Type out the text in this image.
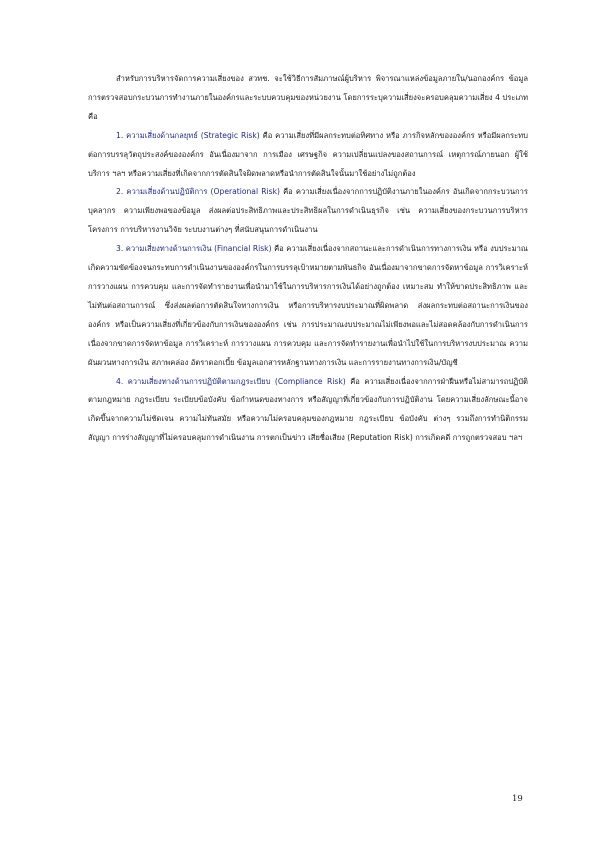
สำหรับการบริหารจัดการความเสี่ยงของ สวทช. จะใช้วิธีการสัมภาษณ์ผู้บริหาร พิจารณาแหล่งข้อมูลภายใน/นอกองค์กร ข้อมูลการตรวจสอบกระบวนการทำงานภายในองค์กรและระบบควบคุมของหน่วยงาน โดยการระบุความเสี่ยงจะครอบคลุมความเสี่ยง 4 ประเภท คือ

1. ความเสี่ยงด้านกลยุทธ์ (Strategic Risk) คือ ความเสี่ยงที่มีผลกระทบต่อทิศทาง หรือ ภารกิจหลักขององค์กร หรือมีผลกระทบต่อการบรรลุวัตถุประสงค์ขององค์กร อันเนื่องมาจาก การเมือง เศรษฐกิจ ความเปลี่ยนแปลงของสถานการณ์ เหตุการณ์ภายนอก ผู้ใช้บริการ ฯลฯ หรือความเสี่ยงที่เกิดจากการตัดสินใจผิดพลาดหรือนำการตัดสินใจนั้นมาใช้อย่างไม่ถูกต้อง

2. ความเสี่ยงด้านปฏิบัติการ (Operational Risk) คือ ความเสี่ยงเนื่องจากการปฏิบัติงานภายในองค์กร อันเกิดจากกระบวนการ บุคลากร ความเพียงพอของข้อมูล ส่งผลต่อประสิทธิภาพและประสิทธิผลในการดำเนินธุรกิจ เช่น ความเสี่ยงของกระบวนการบริหารโครงการ การบริหารงานวิจัย ระบบงานต่างๆ ที่สนับสนุนการดำเนินงาน

3. ความเสี่ยงทางด้านการเงิน (Financial Risk) คือ ความเสี่ยงเนื่องจากสถานะและการดำเนินการทางการเงิน หรือ งบประมาณเกิดความขัดข้องจนกระทบการดำเนินงานขององค์กรในการบรรลุเป้าหมายตามพันธกิจ อันเนื่องมาจากขาดการจัดหาข้อมูล การวิเคราะห์ การวางแผน การควบคุม และการจัดทำรายงานเพื่อนำมาใช้ในการบริหารการเงินได้อย่างถูกต้อง เหมาะสม ทำให้ขาดประสิทธิภาพ และไม่ทันต่อสถานการณ์ ซึ่งส่งผลต่อการตัดสินใจทางการเงิน หรือการบริหารงบประมาณที่ผิดพลาด ส่งผลกระทบต่อสถานะการเงินขององค์กร หรือเป็นความเสี่ยงที่เกี่ยวข้องกับการเงินขององค์กร เช่น การประมาณงบประมาณไม่เพียงพอและไม่สอดคล้องกับการดำเนินการ เนื่องจากขาดการจัดหาข้อมูล การวิเคราะห์ การวางแผน การควบคุม และการจัดทำรายงานเพื่อนำไปใช้ในการบริหารงบประมาณ ความผันผวนทางการเงิน สภาพคล่อง อัตราดอกเบี้ย ข้อมูลเอกสารหลักฐานทางการเงิน และการรายงานทางการเงิน/บัญชี

4. ความเสี่ยงทางด้านการปฏิบัติตามกฎระเบียบ (Compliance Risk) คือ ความเสี่ยงเนื่องจากการฝ่าฝืนหรือไม่สามารถปฏิบัติตามกฎหมาย กฎระเบียบ ระเบียบข้อบังคับ ข้อกำหนดของทางการ หรือสัญญาที่เกี่ยวข้องกับการปฏิบัติงาน โดยความเสี่ยงลักษณะนี้อาจเกิดขึ้นจากความไม่ชัดเจน ความไม่ทันสมัย หรือความไม่ครอบคลุมของกฎหมาย กฎระเบียบ ข้อบังคับ ต่างๆ รวมถึงการทำนิติกรรมสัญญา การร่างสัญญาที่ไม่ครอบคลุมการดำเนินงาน การตกเป็นข่าว เสียชื่อเสียง (Reputation Risk) การเกิดคดี การถูกตรวจสอบ ฯลฯ

19
